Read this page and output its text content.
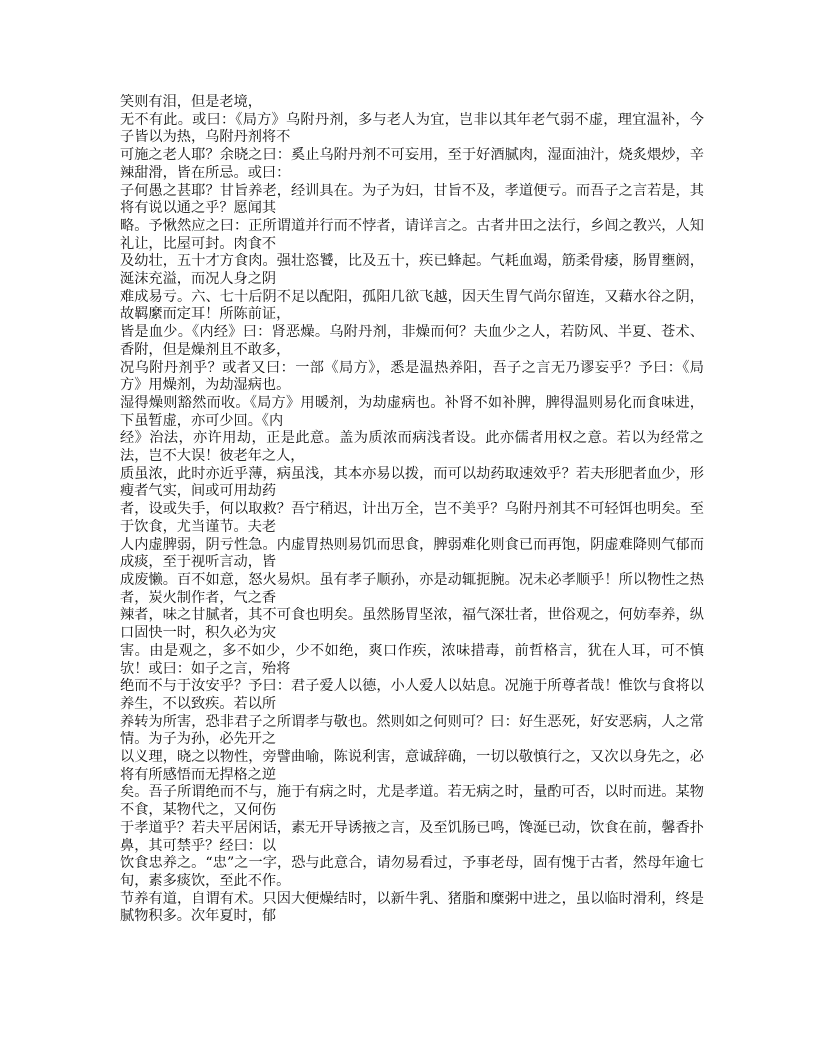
笑则有泪，但是老境，

无不有此。或曰：《局方》乌附丹剂，多与老人为宜，岂非以其年老气弱不虚，理宜温补，今子皆以为热，乌附丹剂将不

可施之老人耶？余晓之曰：奚止乌附丹剂不可妄用，至于好酒腻肉，湿面油汁，烧炙煨炒，辛辣甜滑，皆在所忌。或曰：

子何愚之甚耶？甘旨养老，经训具在。为子为妇，甘旨不及，孝道便亏。而吾子之言若是，其将有说以通之乎？愿闻其

略。予愀然应之曰：正所谓道并行而不悖者，请详言之。古者井田之法行，乡闾之教兴，人知礼让，比屋可封。肉食不

及幼壮，五十才方食肉。强壮恣饕，比及五十，疾已蜂起。气耗血竭，筋柔骨痿，肠胃壅阏，涎沫充溢，而况人身之阴

难成易亏。六、七十后阴不足以配阳，孤阳几欲飞越，因天生胃气尚尔留连，又藉水谷之阴，故羁縻而定耳！所陈前证，

皆是血少。《内经》曰：肾恶燥。乌附丹剂，非燥而何？夫血少之人，若防风、半夏、苍术、香附，但是燥剂且不敢多，

况乌附丹剂乎？或者又曰：一部《局方》，悉是温热养阳，吾子之言无乃谬妄乎？予曰：《局方》用燥剂，为劫湿病也。

湿得燥则豁然而收。《局方》用暖剂，为劫虚病也。补肾不如补脾，脾得温则易化而食味进，下虽暂虚，亦可少回。《内

经》治法，亦许用劫，正是此意。盖为质浓而病浅者设。此亦儒者用权之意。若以为经常之法，岂不大误！彼老年之人，

质虽浓，此时亦近乎薄，病虽浅，其本亦易以拨，而可以劫药取速效乎？若夫形肥者血少，形瘦者气实，间或可用劫药

者，设或失手，何以取救？吾宁稍迟，计出万全，岂不美乎？乌附丹剂其不可轻饵也明矣。至于饮食，尤当谨节。夫老

人内虚脾弱，阴亏性急。内虚胃热则易饥而思食，脾弱难化则食已而再饱，阴虚难降则气郁而成痰，至于视听言动，皆

成废懒。百不如意，怒火易炽。虽有孝子顺孙，亦是动辄扼腕。况未必孝顺乎！所以物性之热者，炭火制作者，气之香

辣者，味之甘腻者，其不可食也明矣。虽然肠胃坚浓，福气深壮者，世俗观之，何妨奉养，纵口固快一时，积久必为灾

害。由是观之，多不如少，少不如绝，爽口作疾，浓味措毒，前哲格言，犹在人耳，可不慎欤！或曰：如子之言，殆将

绝而不与于汝安乎？予曰：君子爱人以德，小人爱人以姑息。况施于所尊者哉！惟饮与食将以养生，不以致疾。若以所

养转为所害，恐非君子之所谓孝与敬也。然则如之何则可？曰：好生恶死，好安恶病，人之常情。为子为孙，必先开之

以义理，晓之以物性，旁譬曲喻，陈说利害，意诚辞确，一切以敬慎行之，又次以身先之，必将有所感悟而无捍格之逆

矣。吾子所谓绝而不与，施于有病之时，尤是孝道。若无病之时，量酌可否，以时而进。某物不食，某物代之，又何伤

于孝道乎？若夫平居闲话，素无开导诱掖之言，及至饥肠已鸣，馋涎已动，饮食在前，馨香扑鼻，其可禁乎？经曰：以

饮食忠养之。“忠”之一字，恐与此意合，请勿易看过，予事老母，固有愧于古者，然母年逾七旬，素多痰饮，至此不作。

节养有道，自谓有术。只因大便燥结时，以新牛乳、猪脂和糜粥中进之，虽以临时滑利，终是腻物积多。次年夏时，郁
